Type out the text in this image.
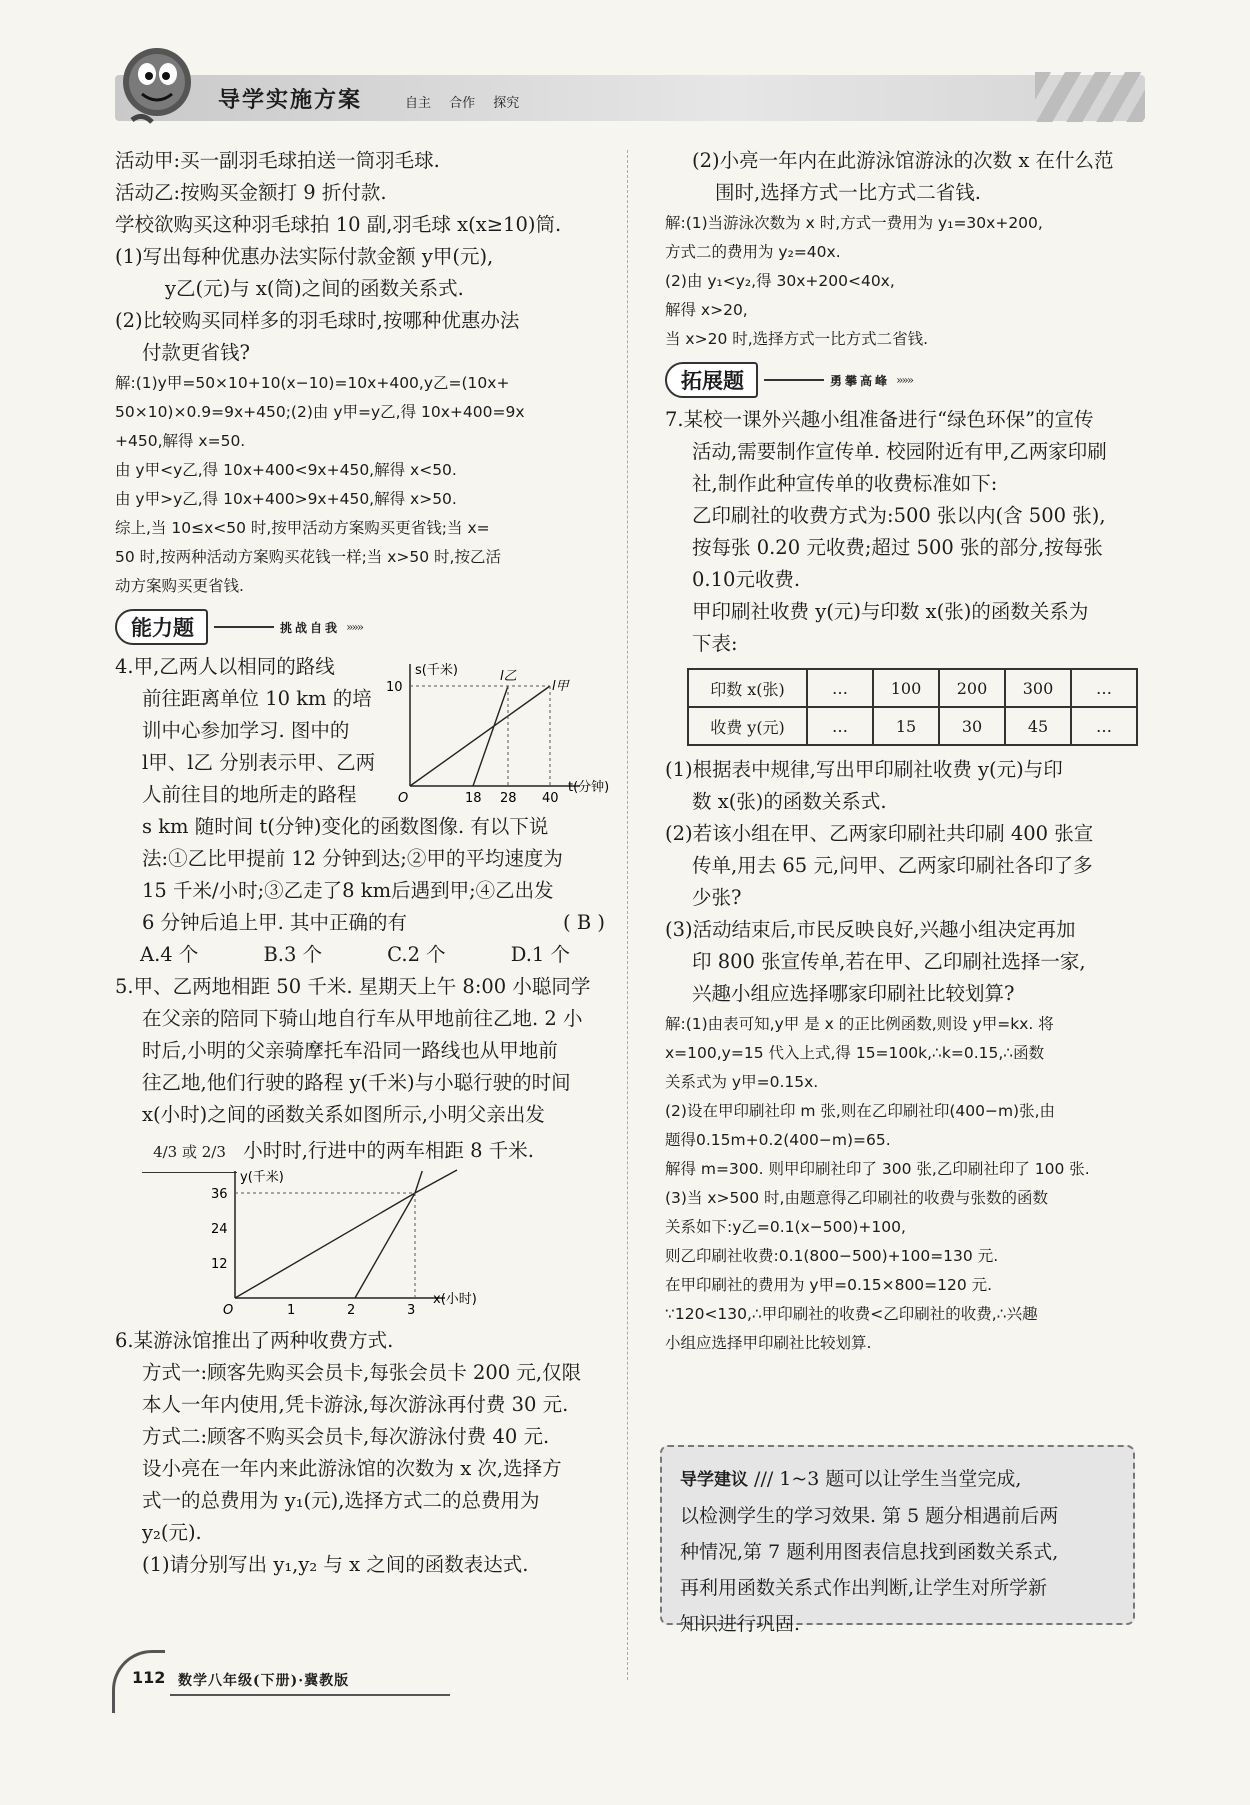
导学实施方案	自主 合作 探究

活动甲:买一副羽毛球拍送一筒羽毛球.

活动乙:按购买金额打 9 折付款.

学校欲购买这种羽毛球拍 10 副,羽毛球 x(x≥10)筒.

(1)写出每种优惠办法实际付款金额 y甲(元),

y乙(元)与 x(筒)之间的函数关系式.

(2)比较购买同样多的羽毛球时,按哪种优惠办法

付款更省钱?

解:(1)y甲=50×10+10(x−10)=10x+400,y乙=(10x+

50×10)×0.9=9x+450;(2)由 y甲=y乙,得 10x+400=9x

+450,解得 x=50.

由 y甲<y乙,得 10x+400<9x+450,解得 x<50.

由 y甲>y乙,得 10x+400>9x+450,解得 x>50.

综上,当 10≤x<50 时,按甲活动方案购买更省钱;当 x=

50 时,按两种活动方案购买花钱一样;当 x>50 时,按乙活

动方案购买更省钱.

能力题	挑战自我 »»»

4.甲,乙两人以相同的路线

前往距离单位 10 km 的培

训中心参加学习. 图中的

l甲、l乙 分别表示甲、乙两

人前往目的地所走的路程	O
t(分钟)
s(千米)
18 28 40
10
l乙
l甲

s km 随时间 t(分钟)变化的函数图像. 有以下说

法:①乙比甲提前 12 分钟到达;②甲的平均速度为

15 千米/小时;③乙走了8 km后遇到甲;④乙出发

6 分钟后追上甲. 其中正确的有	( B )

A.4 个	B.3 个	C.2 个	D.1 个

5.甲、乙两地相距 50 千米. 星期天上午 8:00 小聪同学

在父亲的陪同下骑山地自行车从甲地前往乙地. 2 小

时后,小明的父亲骑摩托车沿同一路线也从甲地前

往乙地,他们行驶的路程 y(千米)与小聪行驶的时间

x(小时)之间的函数关系如图所示,小明父亲出发

4/3 或 2/3 小时时,行进中的两车相距 8 千米.

O
x(小时)
y(千米)
1	2	3
12
24
36

6.某游泳馆推出了两种收费方式.

方式一:顾客先购买会员卡,每张会员卡 200 元,仅限

本人一年内使用,凭卡游泳,每次游泳再付费 30 元.

方式二:顾客不购买会员卡,每次游泳付费 40 元.

设小亮在一年内来此游泳馆的次数为 x 次,选择方

式一的总费用为 y₁(元),选择方式二的总费用为

y₂(元).

(1)请分别写出 y₁,y₂ 与 x 之间的函数表达式.

(2)小亮一年内在此游泳馆游泳的次数 x 在什么范

围时,选择方式一比方式二省钱.

解:(1)当游泳次数为 x 时,方式一费用为 y₁=30x+200,

方式二的费用为 y₂=40x.

(2)由 y₁<y₂,得 30x+200<40x,

解得 x>20,

当 x>20 时,选择方式一比方式二省钱.

拓展题	勇攀高峰 »»»

7.某校一课外兴趣小组准备进行“绿色环保”的宣传

活动,需要制作宣传单. 校园附近有甲,乙两家印刷

社,制作此种宣传单的收费标准如下:

乙印刷社的收费方式为:500 张以内(含 500 张),

按每张 0.20 元收费;超过 500 张的部分,按每张

0.10元收费.

甲印刷社收费 y(元)与印数 x(张)的函数关系为

下表:

印数 x(张)	…	100	200	300	…
收费 y(元)	…	15	30	45	…

(1)根据表中规律,写出甲印刷社收费 y(元)与印

数 x(张)的函数关系式.

(2)若该小组在甲、乙两家印刷社共印刷 400 张宣

传单,用去 65 元,问甲、乙两家印刷社各印了多

少张?

(3)活动结束后,市民反映良好,兴趣小组决定再加

印 800 张宣传单,若在甲、乙印刷社选择一家,

兴趣小组应选择哪家印刷社比较划算?

解:(1)由表可知,y甲 是 x 的正比例函数,则设 y甲=kx. 将

x=100,y=15 代入上式,得 15=100k,∴k=0.15,∴函数

关系式为 y甲=0.15x.

(2)设在甲印刷社印 m 张,则在乙印刷社印(400−m)张,由

题得0.15m+0.2(400−m)=65.

解得 m=300. 则甲印刷社印了 300 张,乙印刷社印了 100 张.

(3)当 x>500 时,由题意得乙印刷社的收费与张数的函数

关系如下:y乙=0.1(x−500)+100,

则乙印刷社收费:0.1(800−500)+100=130 元.

在甲印刷社的费用为 y甲=0.15×800=120 元.

∵120<130,∴甲印刷社的收费<乙印刷社的收费,∴兴趣

小组应选择甲印刷社比较划算.

导学建议 /// 1~3 题可以让学生当堂完成,

以检测学生的学习效果. 第 5 题分相遇前后两

种情况,第 7 题利用图表信息找到函数关系式,

再利用函数关系式作出判断,让学生对所学新

知识进行巩固.

112 数学八年级(下册)·冀教版
